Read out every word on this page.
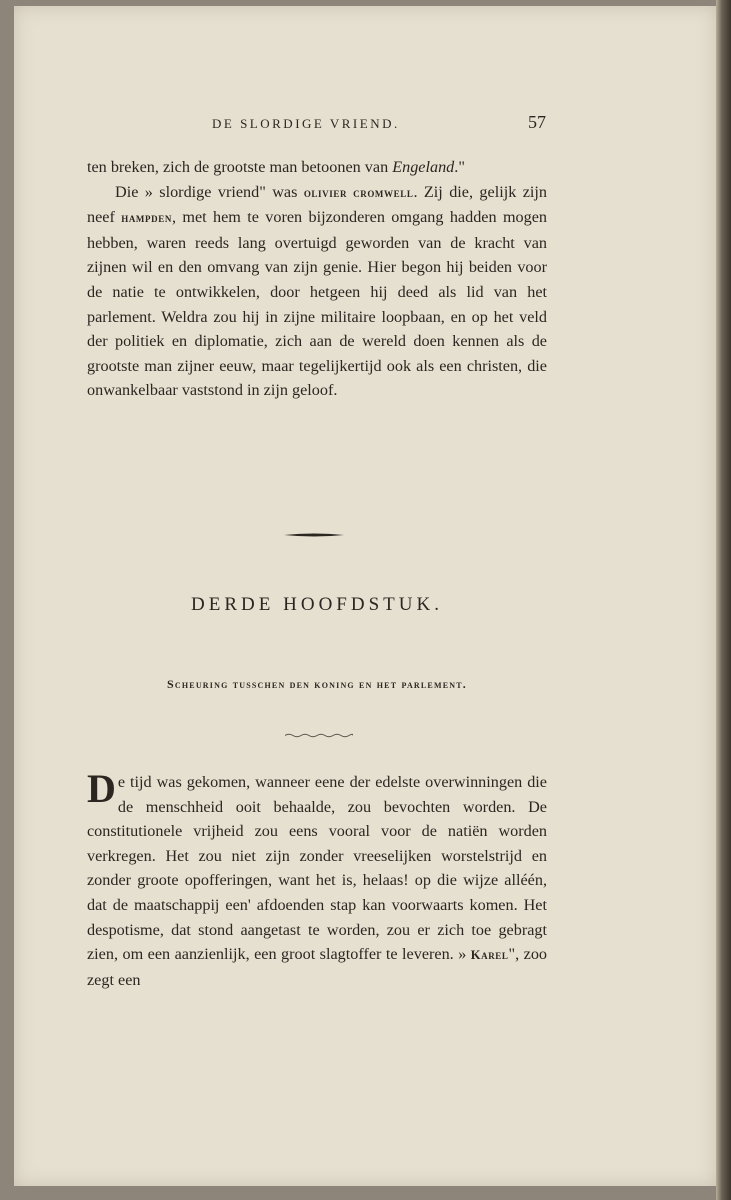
DE SLORDIGE VRIEND.	57

ten breken, zich de grootste man betoonen van Engeland."

Die » slordige vriend" was olivier cromwell. Zij die, gelijk zijn neef hampden, met hem te voren bijzonderen omgang hadden mogen hebben, waren reeds lang overtuigd geworden van de kracht van zijnen wil en den omvang van zijn genie. Hier begon hij beiden voor de natie te ontwikkelen, door hetgeen hij deed als lid van het parlement. Weldra zou hij in zijne militaire loopbaan, en op het veld der politiek en diplomatie, zich aan de wereld doen kennen als de grootste man zijner eeuw, maar tegelijkertijd ook als een christen, die onwankelbaar vaststond in zijn geloof.

DERDE HOOFDSTUK.
Scheuring tusschen den koning en het parlement.

De tijd was gekomen, wanneer eene der edelste overwinningen die de menschheid ooit behaalde, zou bevochten worden. De constitutionele vrijheid zou eens vooral voor de natiën worden verkregen. Het zou niet zijn zonder vreeselijken worstelstrijd en zonder groote opofferingen, want het is, helaas! op die wijze alléén, dat de maatschappij een' afdoenden stap kan voorwaarts komen. Het despotisme, dat stond aangetast te worden, zou er zich toe gebragt zien, om een aanzienlijk, een groot slagtoffer te leveren. » Karel", zoo zegt een
